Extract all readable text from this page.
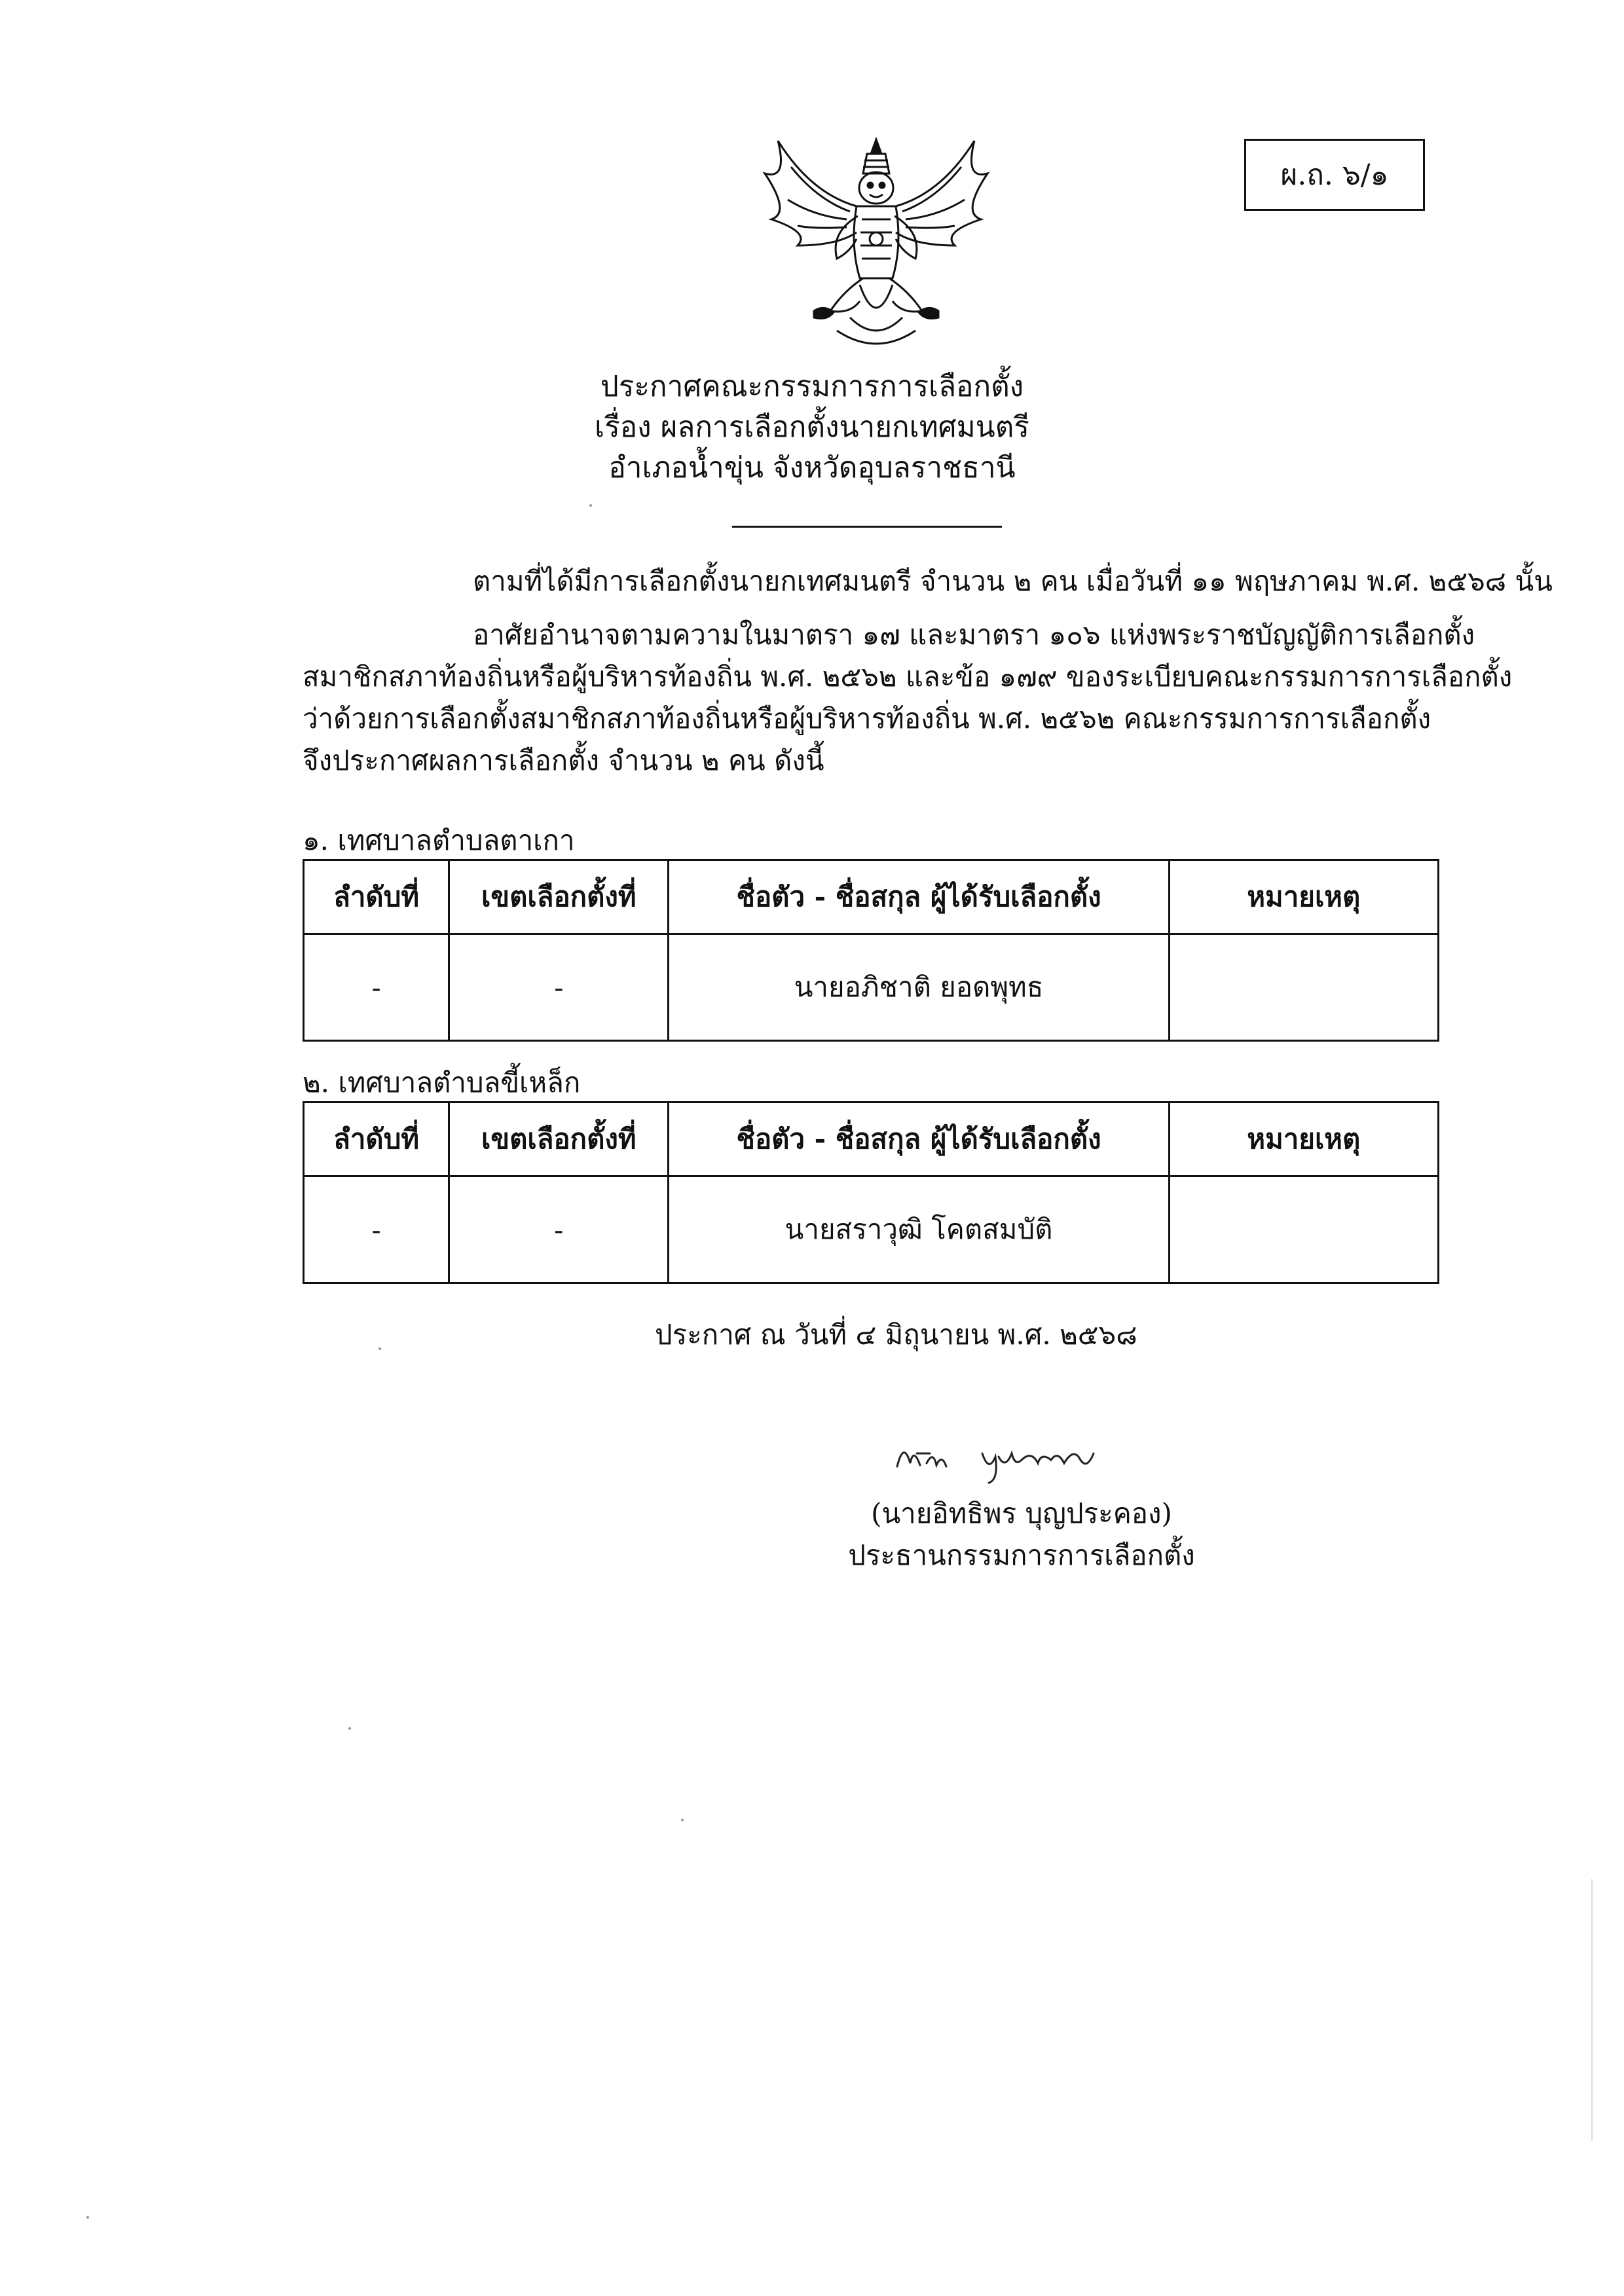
ผ.ถ. ๖/๑
ประกาศคณะกรรมการการเลือกตั้ง
เรื่อง ผลการเลือกตั้งนายกเทศมนตรี
อำเภอน้ำขุ่น จังหวัดอุบลราชธานี
ตามที่ได้มีการเลือกตั้งนายกเทศมนตรี จำนวน ๒ คน เมื่อวันที่ ๑๑ พฤษภาคม พ.ศ. ๒๕๖๘ นั้น
อาศัยอำนาจตามความในมาตรา ๑๗ และมาตรา ๑๐๖ แห่งพระราชบัญญัติการเลือกตั้ง
สมาชิกสภาท้องถิ่นหรือผู้บริหารท้องถิ่น พ.ศ. ๒๕๖๒ และข้อ ๑๗๙ ของระเบียบคณะกรรมการการเลือกตั้ง
ว่าด้วยการเลือกตั้งสมาชิกสภาท้องถิ่นหรือผู้บริหารท้องถิ่น พ.ศ. ๒๕๖๒ คณะกรรมการการเลือกตั้ง
จึงประกาศผลการเลือกตั้ง จำนวน ๒ คน ดังนี้
๑. เทศบาลตำบลตาเกา
ลำดับที่	เขตเลือกตั้งที่	ชื่อตัว - ชื่อสกุล ผู้ได้รับเลือกตั้ง	หมายเหตุ
-	-	นายอภิชาติ ยอดพุทธ	
๒. เทศบาลตำบลขี้เหล็ก
ลำดับที่	เขตเลือกตั้งที่	ชื่อตัว - ชื่อสกุล ผู้ได้รับเลือกตั้ง	หมายเหตุ
-	-	นายสราวุฒิ โคตสมบัติ	
ประกาศ ณ วันที่ ๔ มิถุนายน พ.ศ. ๒๕๖๘
(นายอิทธิพร บุญประคอง)
ประธานกรรมการการเลือกตั้ง
